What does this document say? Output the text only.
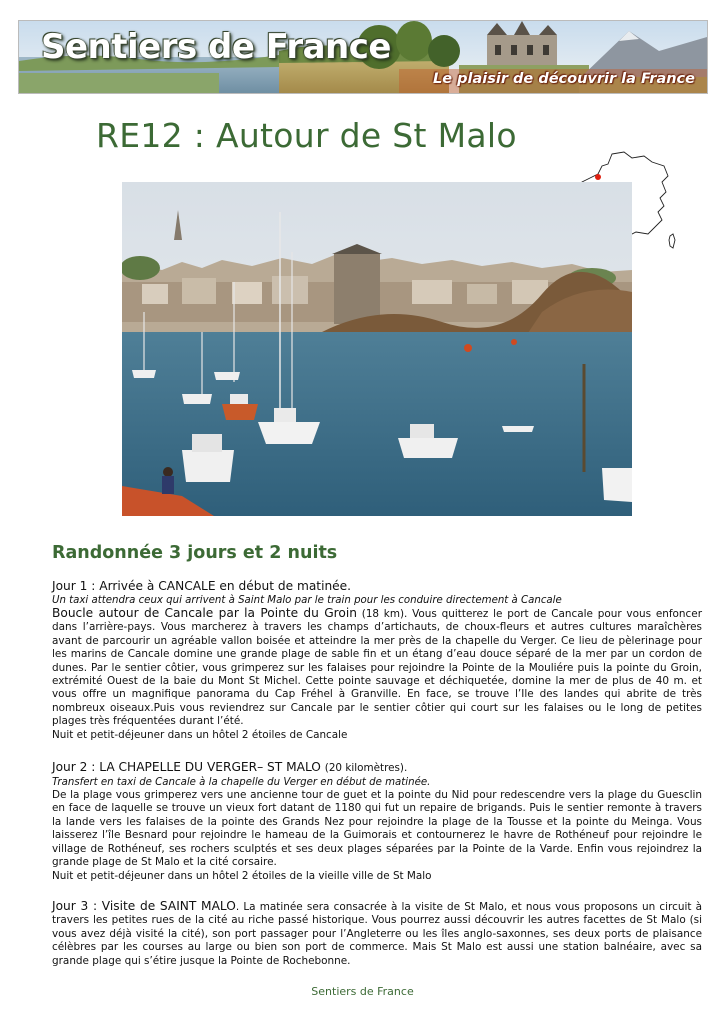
Sentiers de France
Le plaisir de découvrir la France
RE12 : Autour de St Malo
Randonnée 3 jours et 2 nuits
Jour 1 : Arrivée à CANCALE en début de matinée.
Un taxi attendra ceux qui arrivent à Saint Malo par le train pour les conduire directement à Cancale

Boucle autour de Cancale par la Pointe du Groin (18 km). Vous quitterez le port de Cancale pour vous enfoncer dans l’arrière-pays. Vous marcherez à travers les champs d’artichauts, de choux-fleurs et autres cultures maraîchères avant de parcourir un agréable vallon boisée et atteindre la mer près de la chapelle du Verger. Ce lieu de pèlerinage pour les marins de Cancale domine une grande plage de sable fin et un étang d’eau douce séparé de la mer par un cordon de dunes. Par le sentier côtier, vous grimperez sur les falaises pour rejoindre la Pointe de la Mouliére puis la pointe du Groin, extrémité Ouest de la baie du Mont St Michel. Cette pointe sauvage et déchiquetée, domine la mer de plus de 40 m. et vous offre un magnifique panorama du Cap Fréhel à Granville. En face, se trouve l’Ile des landes qui abrite de très nombreux oiseaux.Puis vous reviendrez sur Cancale par le sentier côtier qui court sur les falaises ou le long de petites plages très fréquentées durant l’été.

Nuit et petit-déjeuner dans un hôtel 2 étoiles de Cancale

Jour 2 : LA CHAPELLE DU VERGER– ST MALO (20 kilomètres).
Transfert en taxi de Cancale à la chapelle du Verger en début de matinée.

De la plage vous grimperez vers une ancienne tour de guet et la pointe du Nid pour redescendre vers la plage du Guesclin en face de laquelle se trouve un vieux fort datant de 1180 qui fut un repaire de brigands. Puis le sentier remonte à travers la lande vers les falaises de la pointe des Grands Nez pour rejoindre la plage de la Tousse et la pointe du Meinga. Vous laisserez l’île Besnard pour rejoindre le hameau de la Guimorais et contournerez le havre de Rothéneuf pour rejoindre le village de Rothéneuf, ses rochers sculptés et ses deux plages séparées par la Pointe de la Varde. Enfin vous rejoindrez la grande plage de St Malo et la cité corsaire.

Nuit et petit-déjeuner dans un hôtel 2 étoiles de la vieille ville de St Malo

Jour 3 : Visite de SAINT MALO. La matinée sera consacrée à la visite de St Malo, et nous vous proposons un circuit à travers les petites rues de la cité au riche passé historique. Vous pourrez aussi découvrir les autres facettes de St Malo (si vous avez déjà visité la cité), son port passager pour l’Angleterre ou les îles anglo-saxonnes, ses deux ports de plaisance célèbres par les courses au large ou bien son port de commerce. Mais St Malo est aussi une station balnéaire, avec sa grande plage qui s’étire jusque la Pointe de Rochebonne.

Sentiers de France
